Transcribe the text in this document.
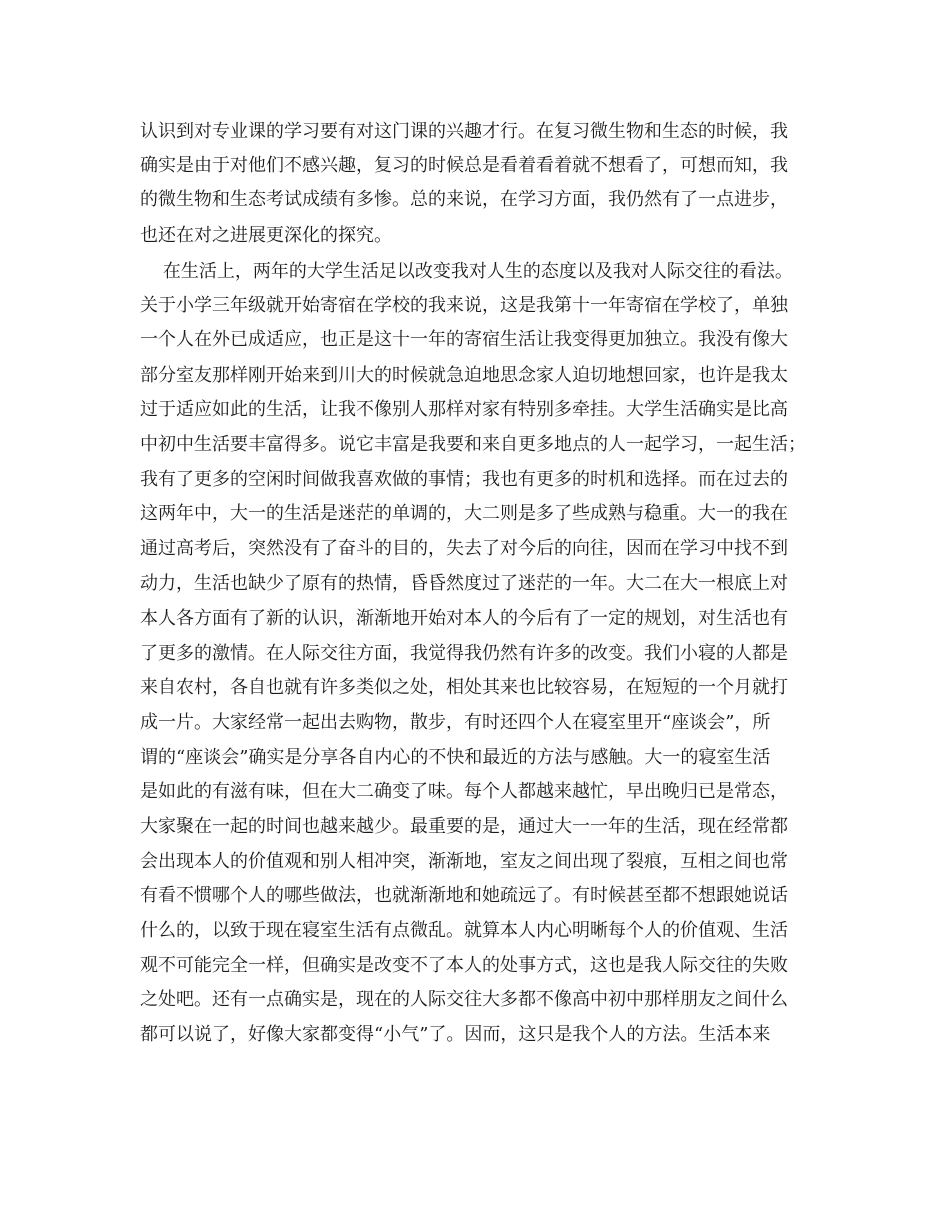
认识到对专业课的学习要有对这门课的兴趣才行。在复习微生物和生态的时候，我
确实是由于对他们不感兴趣，复习的时候总是看着看着就不想看了，可想而知，我
的微生物和生态考试成绩有多惨。总的来说，在学习方面，我仍然有了一点进步，
也还在对之进展更深化的探究。
在生活上，两年的大学生活足以改变我对人生的态度以及我对人际交往的看法。
关于小学三年级就开始寄宿在学校的我来说，这是我第十一年寄宿在学校了，单独
一个人在外已成适应，也正是这十一年的寄宿生活让我变得更加独立。我没有像大
部分室友那样刚开始来到川大的时候就急迫地思念家人迫切地想回家，也许是我太
过于适应如此的生活，让我不像别人那样对家有特别多牵挂。大学生活确实是比高
中初中生活要丰富得多。说它丰富是我要和来自更多地点的人一起学习，一起生活；
我有了更多的空闲时间做我喜欢做的事情；我也有更多的时机和选择。而在过去的
这两年中，大一的生活是迷茫的单调的，大二则是多了些成熟与稳重。大一的我在
通过高考后，突然没有了奋斗的目的，失去了对今后的向往，因而在学习中找不到
动力，生活也缺少了原有的热情，昏昏然度过了迷茫的一年。大二在大一根底上对
本人各方面有了新的认识，渐渐地开始对本人的今后有了一定的规划，对生活也有
了更多的激情。在人际交往方面，我觉得我仍然有许多的改变。我们小寝的人都是
来自农村，各自也就有许多类似之处，相处其来也比较容易，在短短的一个月就打
成一片。大家经常一起出去购物，散步，有时还四个人在寝室里开“座谈会”，所
谓的“座谈会”确实是分享各自内心的不快和最近的方法与感触。大一的寝室生活
是如此的有滋有味，但在大二确变了味。每个人都越来越忙，早出晚归已是常态，
大家聚在一起的时间也越来越少。最重要的是，通过大一一年的生活，现在经常都
会出现本人的价值观和别人相冲突，渐渐地，室友之间出现了裂痕，互相之间也常
有看不惯哪个人的哪些做法，也就渐渐地和她疏远了。有时候甚至都不想跟她说话
什么的，以致于现在寝室生活有点微乱。就算本人内心明晰每个人的价值观、生活
观不可能完全一样，但确实是改变不了本人的处事方式，这也是我人际交往的失败
之处吧。还有一点确实是，现在的人际交往大多都不像高中初中那样朋友之间什么
都可以说了，好像大家都变得“小气”了。因而，这只是我个人的方法。生活本来
